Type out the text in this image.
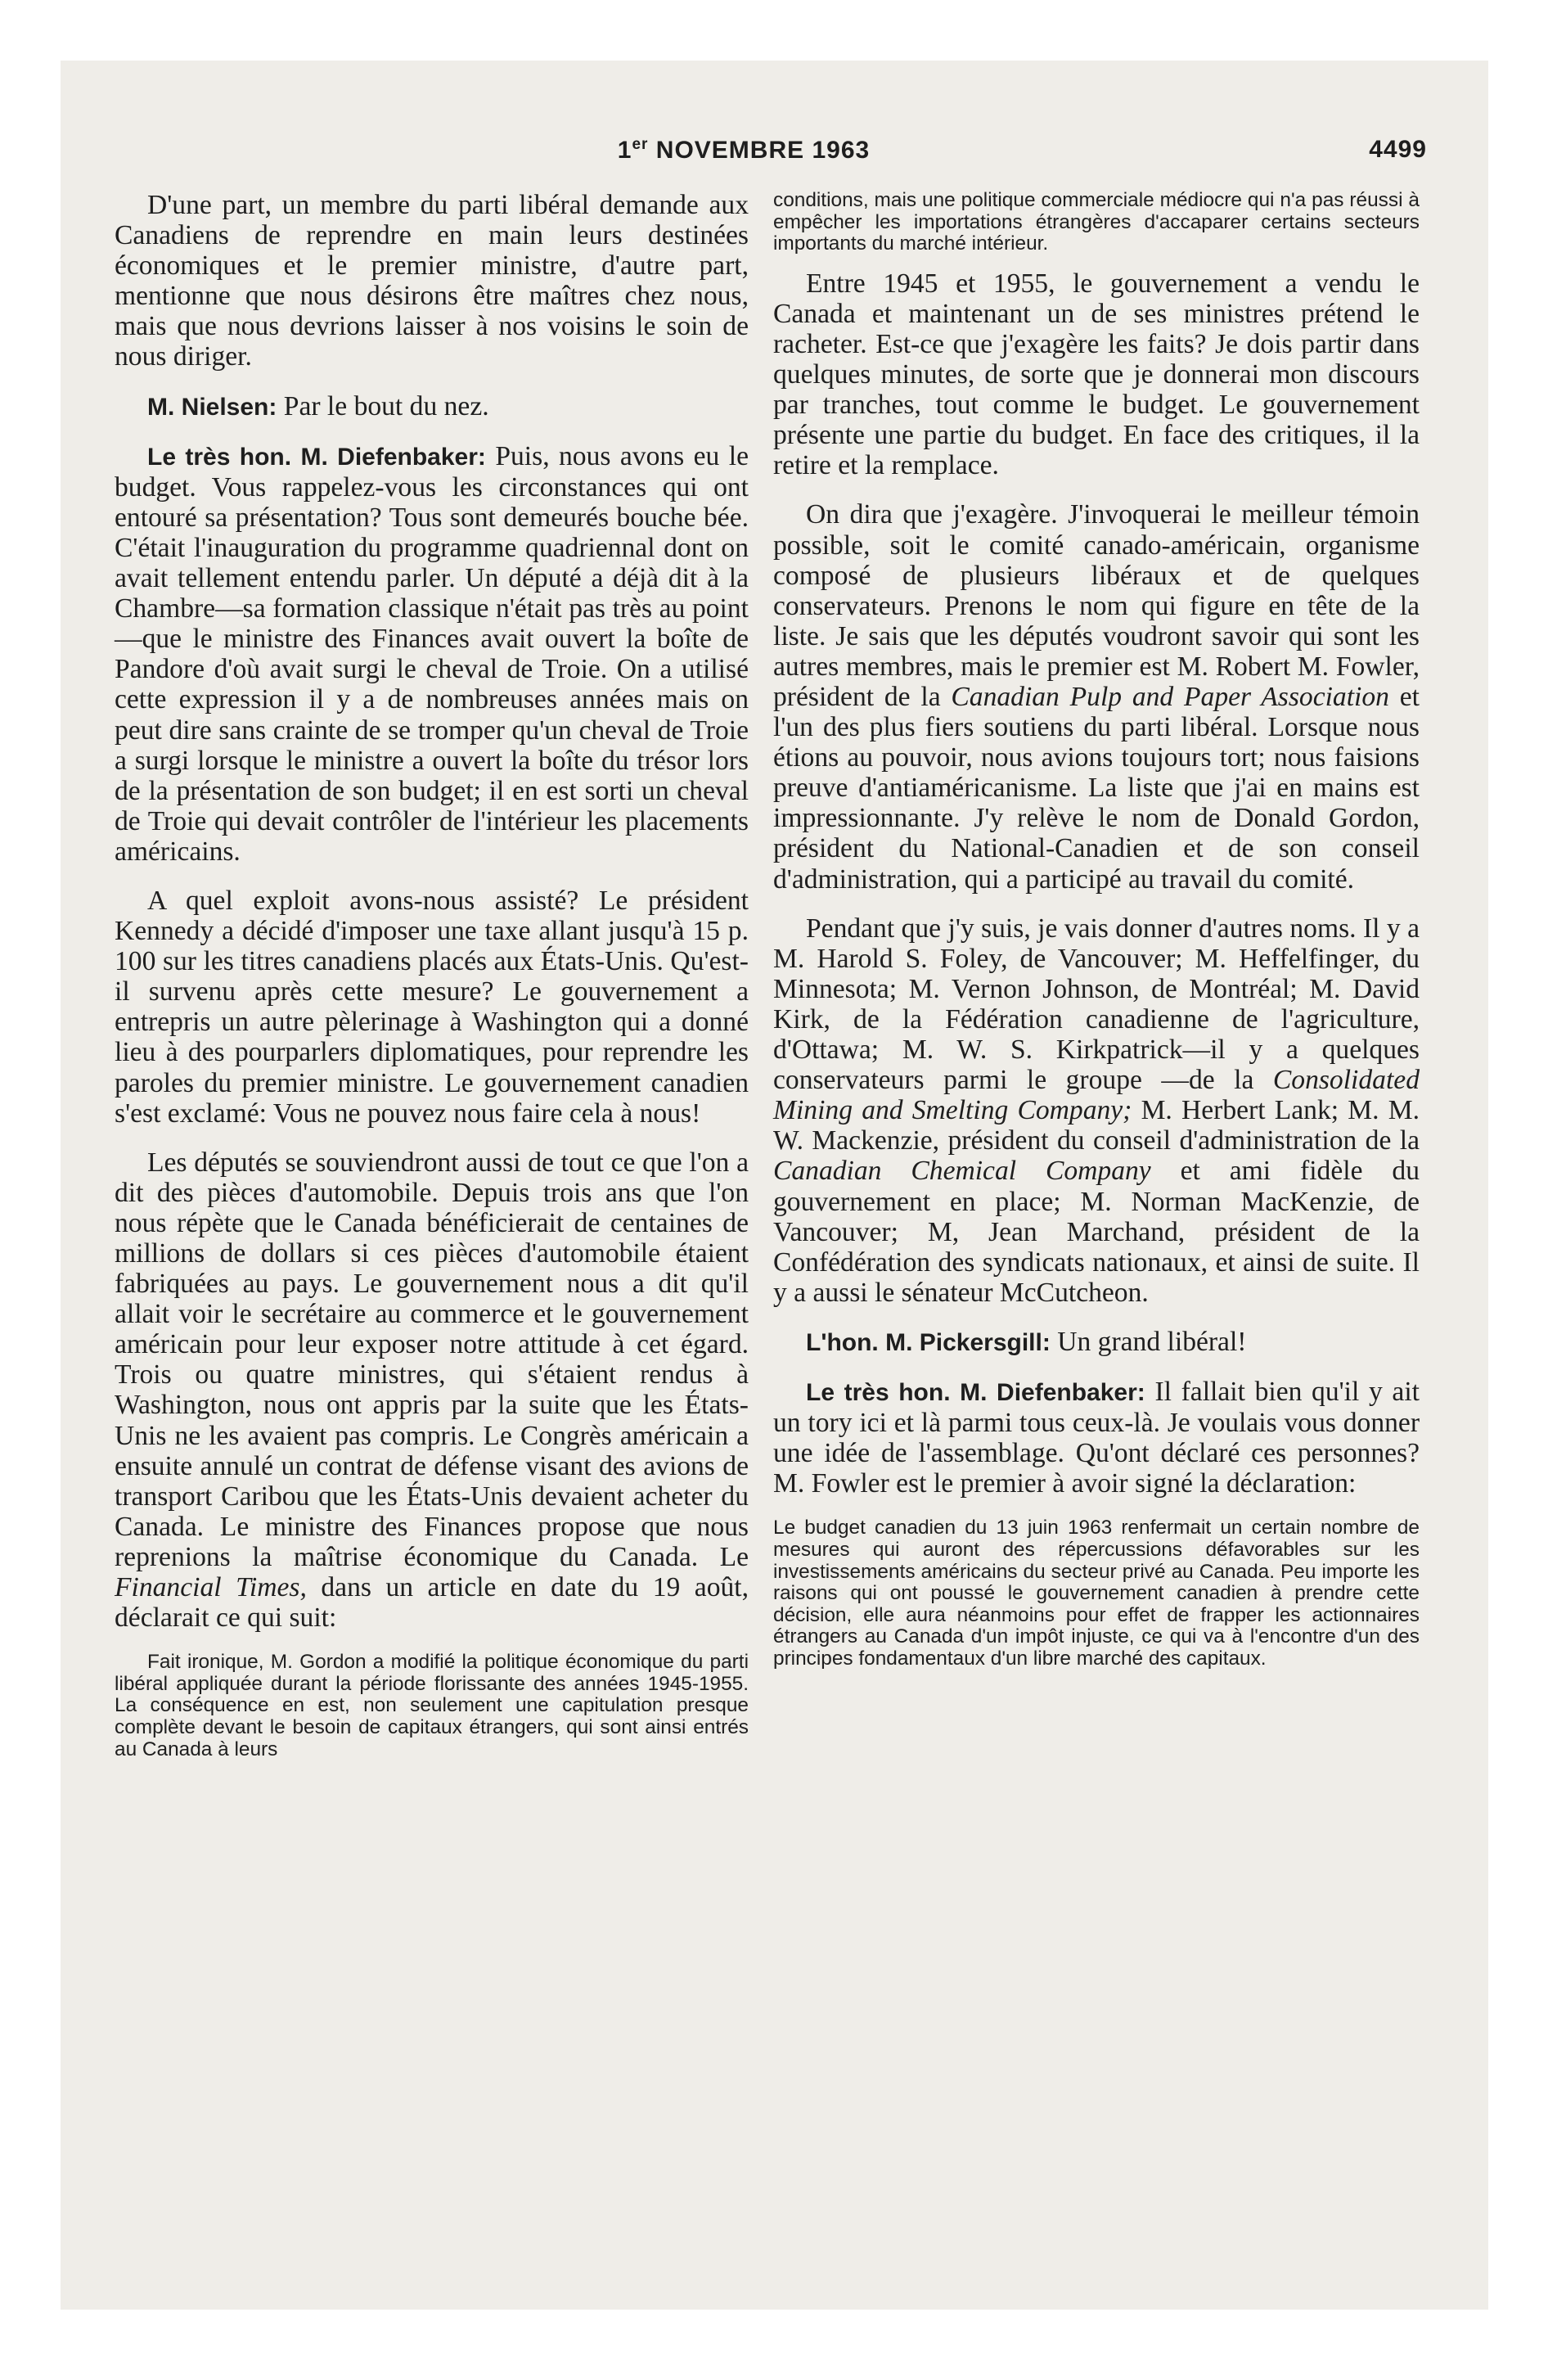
1er NOVEMBRE 1963	4499

D'une part, un membre du parti libéral demande aux Canadiens de reprendre en main leurs destinées économiques et le premier ministre, d'autre part, mentionne que nous désirons être maîtres chez nous, mais que nous devrions laisser à nos voisins le soin de nous diriger.

M. Nielsen: Par le bout du nez.

Le très hon. M. Diefenbaker: Puis, nous avons eu le budget. Vous rappelez-vous les circonstances qui ont entouré sa présentation? Tous sont demeurés bouche bée. C'était l'inauguration du programme quadriennal dont on avait tellement entendu parler. Un député a déjà dit à la Chambre—sa formation classique n'était pas très au point—que le ministre des Finances avait ouvert la boîte de Pandore d'où avait surgi le cheval de Troie. On a utilisé cette expression il y a de nombreuses années mais on peut dire sans crainte de se tromper qu'un cheval de Troie a surgi lorsque le ministre a ouvert la boîte du trésor lors de la présentation de son budget; il en est sorti un cheval de Troie qui devait contrôler de l'intérieur les placements américains.

A quel exploit avons-nous assisté? Le président Kennedy a décidé d'imposer une taxe allant jusqu'à 15 p. 100 sur les titres canadiens placés aux États-Unis. Qu'est-il survenu après cette mesure? Le gouvernement a entrepris un autre pèlerinage à Washington qui a donné lieu à des pourparlers diplomatiques, pour reprendre les paroles du premier ministre. Le gouvernement canadien s'est exclamé: Vous ne pouvez nous faire cela à nous!

Les députés se souviendront aussi de tout ce que l'on a dit des pièces d'automobile. Depuis trois ans que l'on nous répète que le Canada bénéficierait de centaines de millions de dollars si ces pièces d'automobile étaient fabriquées au pays. Le gouvernement nous a dit qu'il allait voir le secrétaire au commerce et le gouvernement américain pour leur exposer notre attitude à cet égard. Trois ou quatre ministres, qui s'étaient rendus à Washington, nous ont appris par la suite que les États-Unis ne les avaient pas compris. Le Congrès américain a ensuite annulé un contrat de défense visant des avions de transport Caribou que les États-Unis devaient acheter du Canada. Le ministre des Finances propose que nous reprenions la maîtrise économique du Canada. Le Financial Times, dans un article en date du 19 août, déclarait ce qui suit:

Fait ironique, M. Gordon a modifié la politique économique du parti libéral appliquée durant la période florissante des années 1945-1955. La conséquence en est, non seulement une capitulation presque complète devant le besoin de capitaux étrangers, qui sont ainsi entrés au Canada à leurs

conditions, mais une politique commerciale médiocre qui n'a pas réussi à empêcher les importations étrangères d'accaparer certains secteurs importants du marché intérieur.

Entre 1945 et 1955, le gouvernement a vendu le Canada et maintenant un de ses ministres prétend le racheter. Est-ce que j'exagère les faits? Je dois partir dans quelques minutes, de sorte que je donnerai mon discours par tranches, tout comme le budget. Le gouvernement présente une partie du budget. En face des critiques, il la retire et la remplace.

On dira que j'exagère. J'invoquerai le meilleur témoin possible, soit le comité canado-américain, organisme composé de plusieurs libéraux et de quelques conservateurs. Prenons le nom qui figure en tête de la liste. Je sais que les députés voudront savoir qui sont les autres membres, mais le premier est M. Robert M. Fowler, président de la Canadian Pulp and Paper Association et l'un des plus fiers soutiens du parti libéral. Lorsque nous étions au pouvoir, nous avions toujours tort; nous faisions preuve d'antiaméricanisme. La liste que j'ai en mains est impressionnante. J'y relève le nom de Donald Gordon, président du National-Canadien et de son conseil d'administration, qui a participé au travail du comité.

Pendant que j'y suis, je vais donner d'autres noms. Il y a M. Harold S. Foley, de Vancouver; M. Heffelfinger, du Minnesota; M. Vernon Johnson, de Montréal; M. David Kirk, de la Fédération canadienne de l'agriculture, d'Ottawa; M. W. S. Kirkpatrick—il y a quelques conservateurs parmi le groupe —de la Consolidated Mining and Smelting Company; M. Herbert Lank; M. M. W. Mackenzie, président du conseil d'administration de la Canadian Chemical Company et ami fidèle du gouvernement en place; M. Norman MacKenzie, de Vancouver; M, Jean Marchand, président de la Confédération des syndicats nationaux, et ainsi de suite. Il y a aussi le sénateur McCutcheon.

L'hon. M. Pickersgill: Un grand libéral!

Le très hon. M. Diefenbaker: Il fallait bien qu'il y ait un tory ici et là parmi tous ceux-là. Je voulais vous donner une idée de l'assemblage. Qu'ont déclaré ces personnes? M. Fowler est le premier à avoir signé la déclaration:

Le budget canadien du 13 juin 1963 renfermait un certain nombre de mesures qui auront des répercussions défavorables sur les investissements américains du secteur privé au Canada. Peu importe les raisons qui ont poussé le gouvernement canadien à prendre cette décision, elle aura néanmoins pour effet de frapper les actionnaires étrangers au Canada d'un impôt injuste, ce qui va à l'encontre d'un des principes fondamentaux d'un libre marché des capitaux.
